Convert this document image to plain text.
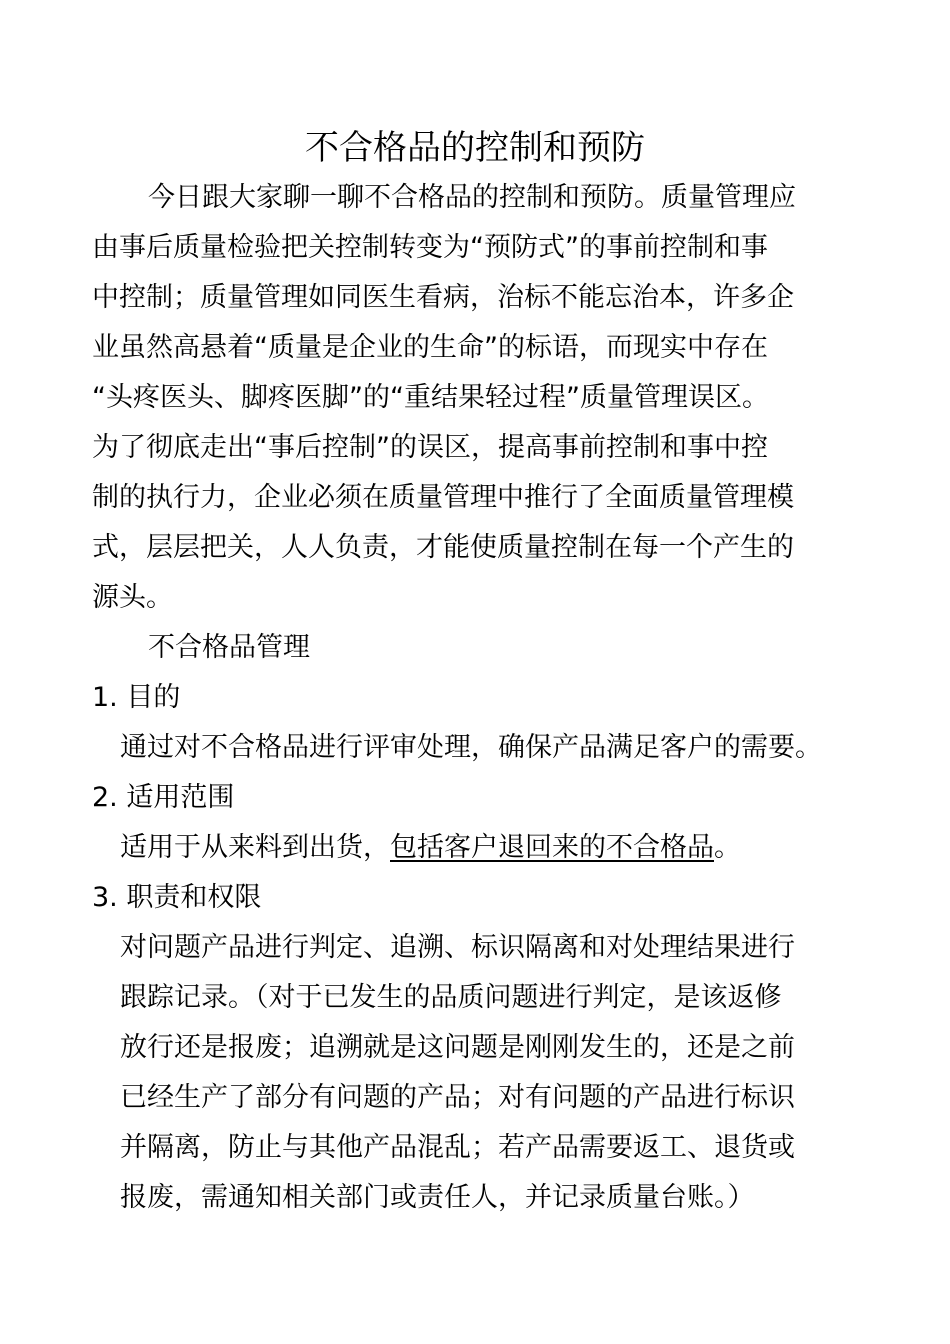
不合格品的控制和预防
今日跟大家聊一聊不合格品的控制和预防。质量管理应
由事后质量检验把关控制转变为“预防式”的事前控制和事
中控制；质量管理如同医生看病，治标不能忘治本，许多企
业虽然高悬着“质量是企业的生命”的标语，而现实中存在
“头疼医头、脚疼医脚”的“重结果轻过程”质量管理误区。
为了彻底走出“事后控制”的误区，提高事前控制和事中控
制的执行力，企业必须在质量管理中推行了全面质量管理模
式，层层把关，人人负责，才能使质量控制在每一个产生的
源头。
不合格品管理
1. 目的
通过对不合格品进行评审处理，确保产品满足客户的需要。
2. 适用范围
适用于从来料到出货，包括客户退回来的不合格品。
3. 职责和权限
对问题产品进行判定、追溯、标识隔离和对处理结果进行
跟踪记录。（对于已发生的品质问题进行判定，是该返修
放行还是报废；追溯就是这问题是刚刚发生的，还是之前
已经生产了部分有问题的产品；对有问题的产品进行标识
并隔离，防止与其他产品混乱；若产品需要返工、退货或
报废，需通知相关部门或责任人，并记录质量台账。）
